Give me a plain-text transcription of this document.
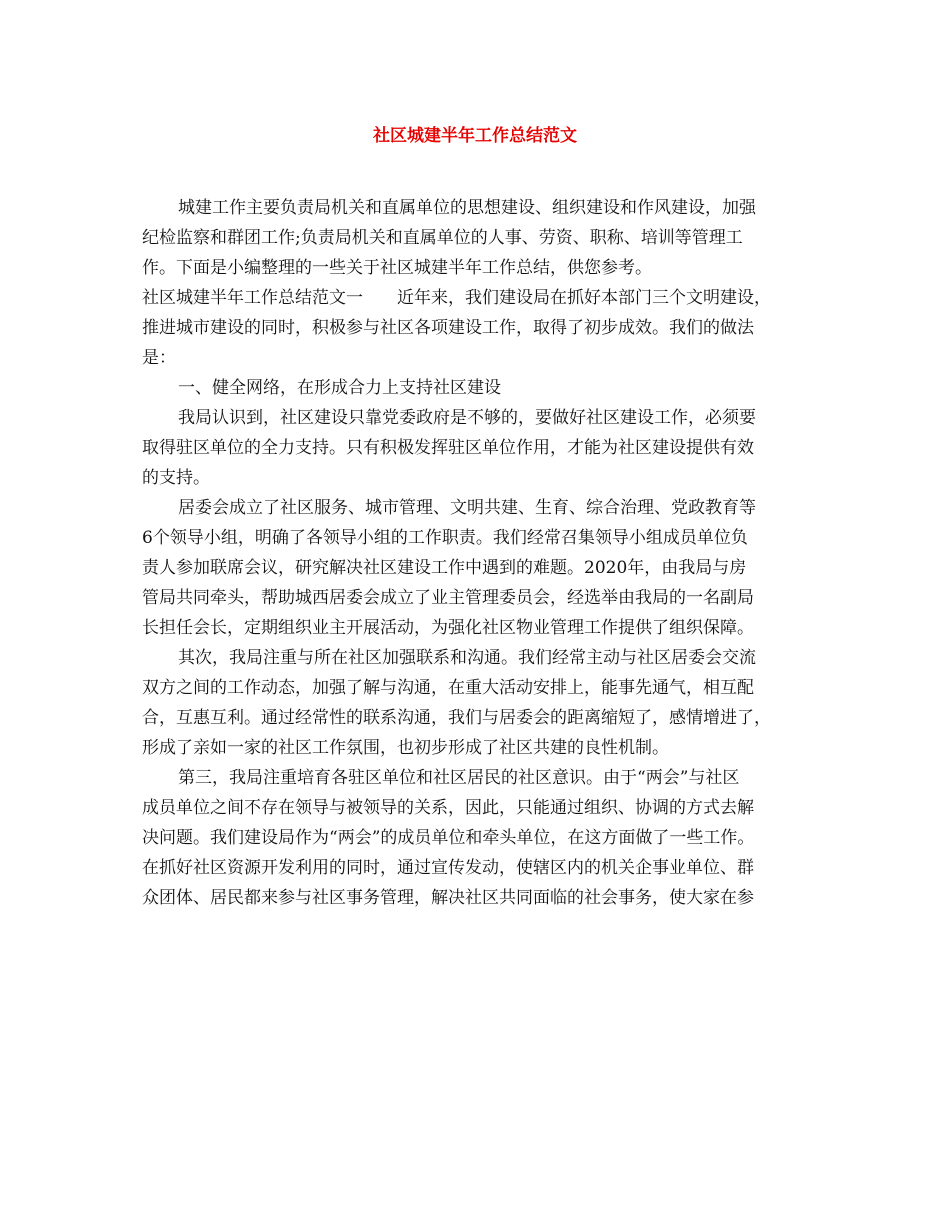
社区城建半年工作总结范文

城建工作主要负责局机关和直属单位的思想建设、组织建设和作风建设，加强

纪检监察和群团工作;负责局机关和直属单位的人事、劳资、职称、培训等管理工

作。下面是小编整理的一些关于社区城建半年工作总结，供您参考。

社区城建半年工作总结范文一　　近年来，我们建设局在抓好本部门三个文明建设，

推进城市建设的同时，积极参与社区各项建设工作，取得了初步成效。我们的做法

是：

一、健全网络，在形成合力上支持社区建设

我局认识到，社区建设只靠党委政府是不够的，要做好社区建设工作，必须要

取得驻区单位的全力支持。只有积极发挥驻区单位作用，才能为社区建设提供有效

的支持。

居委会成立了社区服务、城市管理、文明共建、生育、综合治理、党政教育等

6个领导小组，明确了各领导小组的工作职责。我们经常召集领导小组成员单位负

责人参加联席会议，研究解决社区建设工作中遇到的难题。2020年，由我局与房

管局共同牵头，帮助城西居委会成立了业主管理委员会，经选举由我局的一名副局

长担任会长，定期组织业主开展活动，为强化社区物业管理工作提供了组织保障。

其次，我局注重与所在社区加强联系和沟通。我们经常主动与社区居委会交流

双方之间的工作动态，加强了解与沟通，在重大活动安排上，能事先通气，相互配

合，互惠互利。通过经常性的联系沟通，我们与居委会的距离缩短了，感情增进了，

形成了亲如一家的社区工作氛围，也初步形成了社区共建的良性机制。

第三，我局注重培育各驻区单位和社区居民的社区意识。由于“两会”与社区

成员单位之间不存在领导与被领导的关系，因此，只能通过组织、协调的方式去解

决问题。我们建设局作为“两会”的成员单位和牵头单位，在这方面做了一些工作。

在抓好社区资源开发利用的同时，通过宣传发动，使辖区内的机关企事业单位、群

众团体、居民都来参与社区事务管理，解决社区共同面临的社会事务，使大家在参
